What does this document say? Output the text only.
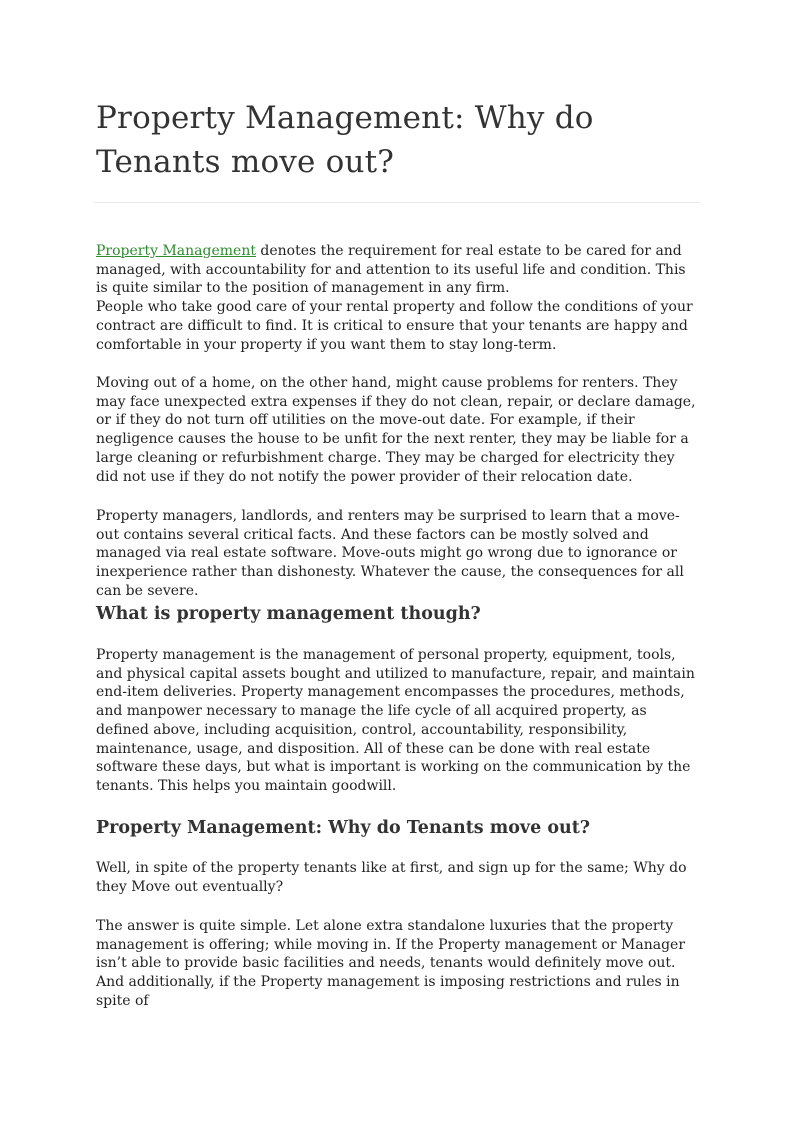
Property Management: Why do Tenants move out?

Property Management denotes the requirement for real estate to be cared for and managed, with accountability for and attention to its useful life and condition. This is quite similar to the position of management in any firm.

People who take good care of your rental property and follow the conditions of your contract are difficult to find. It is critical to ensure that your tenants are happy and comfortable in your property if you want them to stay long-term.

Moving out of a home, on the other hand, might cause problems for renters. They may face unexpected extra expenses if they do not clean, repair, or declare damage, or if they do not turn off utilities on the move-out date. For example, if their negligence causes the house to be unfit for the next renter, they may be liable for a large cleaning or refurbishment charge. They may be charged for electricity they did not use if they do not notify the power provider of their relocation date.
Property managers, landlords, and renters may be surprised to learn that a move-out contains several critical facts. And these factors can be mostly solved and managed via real estate software. Move-outs might go wrong due to ignorance or inexperience rather than dishonesty. Whatever the cause, the consequences for all can be severe.
What is property management though?
Property management is the management of personal property, equipment, tools, and physical capital assets bought and utilized to manufacture, repair, and maintain end-item deliveries. Property management encompasses the procedures, methods, and manpower necessary to manage the life cycle of all acquired property, as defined above, including acquisition, control, accountability, responsibility, maintenance, usage, and disposition. All of these can be done with real estate software these days, but what is important is working on the communication by the tenants. This helps you maintain goodwill.
Property Management: Why do Tenants move out?
Well, in spite of the property tenants like at first, and sign up for the same; Why do they Move out eventually?
The answer is quite simple. Let alone extra standalone luxuries that the property management is offering; while moving in. If the Property management or Manager isn’t able to provide basic facilities and needs, tenants would definitely move out. And additionally, if the Property management is imposing restrictions and rules in spite of
